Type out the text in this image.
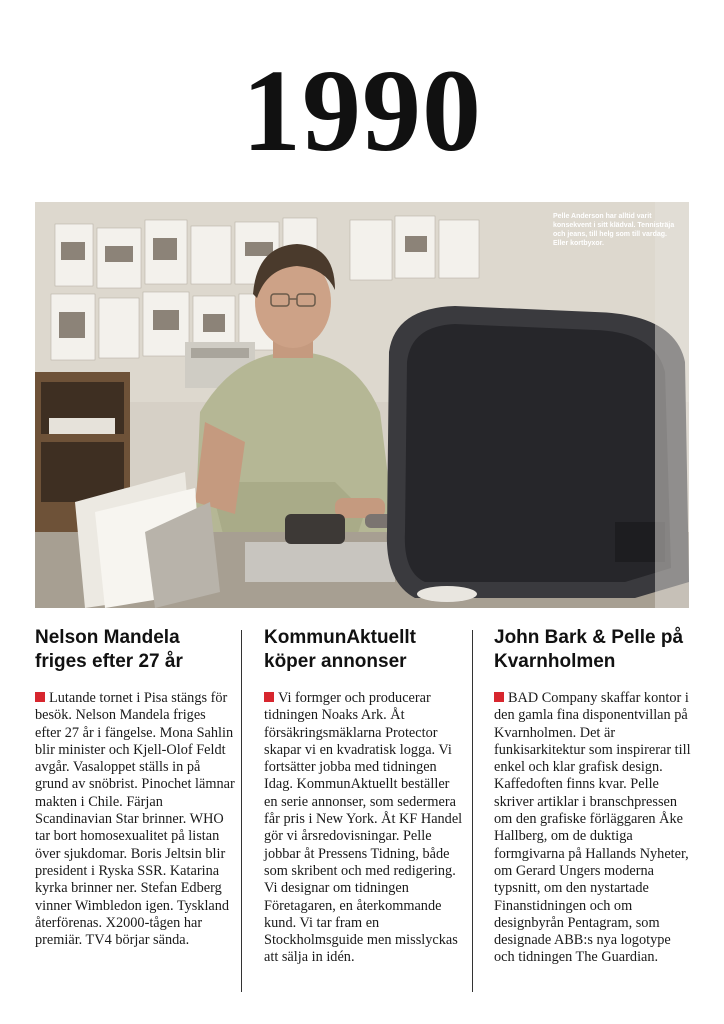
1990
Pelle Anderson har alltid varit konsekvent i sitt klädval. Tennisträja och jeans, till helg som till vardag. Eller kortbyxor.
Nelson Mandela friges efter 27 år

Lutande tornet i Pisa stängs för besök. Nelson Mandela friges efter 27 år i fängelse. Mona Sahlin blir minister och Kjell-Olof Feldt avgår. Vasaloppet ställs in på grund av snöbrist. Pinochet lämnar makten i Chile. Färjan Scandinavian Star brinner. WHO tar bort homosexualitet på listan över sjukdomar. Boris Jeltsin blir president i Ryska SSR. Katarina kyrka brinner ner. Stefan Edberg vinner Wimbledon igen. Tyskland återförenas. X2000-tågen har premiär. TV4 börjar sända.

KommunAktuellt köper annonser

Vi formger och producerar tidningen Noaks Ark. Åt försäkringsmäklarna Protector skapar vi en kvadratisk logga. Vi fortsätter jobba med tidningen Idag. KommunAktuellt beställer en serie annonser, som sedermera får pris i New York. Åt KF Handel gör vi årsredovisningar. Pelle jobbar åt Pressens Tidning, både som skribent och med redigering. Vi designar om tidningen Företagaren, en återkommande kund. Vi tar fram en Stockholmsguide men misslyckas att sälja in idén.

John Bark & Pelle på Kvarnholmen

BAD Company skaffar kontor i den gamla fina disponentvillan på Kvarnholmen. Det är funkisarkitektur som inspirerar till enkel och klar grafisk design. Kaffedoften finns kvar. Pelle skriver artiklar i branschpressen om den grafiske förläggaren Åke Hallberg, om de duktiga formgivarna på Hallands Nyheter, om Gerard Ungers moderna typsnitt, om den nystartade Finanstidningen och om designbyrån Pentagram, som designade ABB:s nya logotype och tidningen The Guardian.
